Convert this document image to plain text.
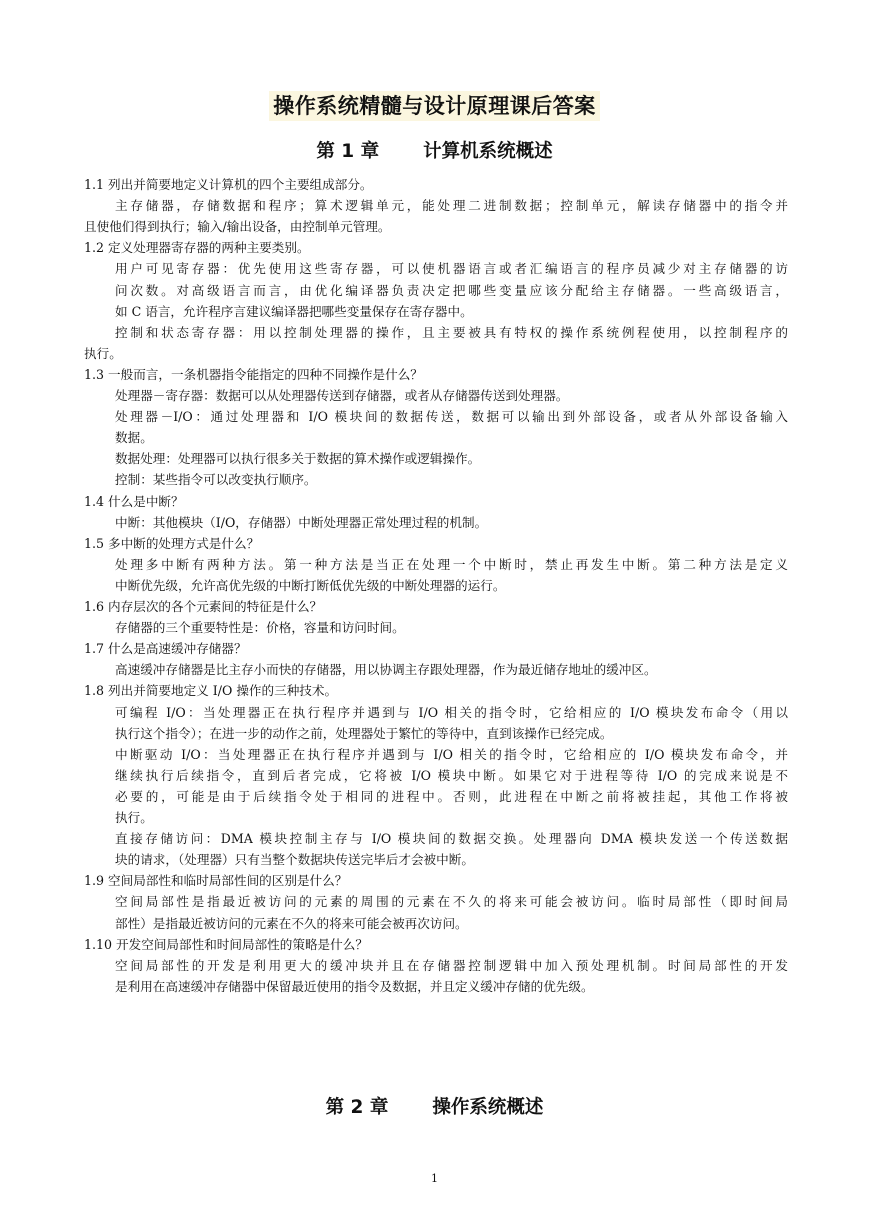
操作系统精髓与设计原理课后答案
第 1 章 计算机系统概述
1.1 列出并简要地定义计算机的四个主要组成部分。
主存储器，存储数据和程序；算术逻辑单元，能处理二进制数据；控制单元，解读存储器中的指令并
且使他们得到执行；输入/输出设备，由控制单元管理。
1.2 定义处理器寄存器的两种主要类别。
用户可见寄存器：优先使用这些寄存器，可以使机器语言或者汇编语言的程序员减少对主存储器的访
问次数。对高级语言而言，由优化编译器负责决定把哪些变量应该分配给主存储器。一些高级语言，
如 C 语言，允许程序言建议编译器把哪些变量保存在寄存器中。
控制和状态寄存器：用以控制处理器的操作，且主要被具有特权的操作系统例程使用，以控制程序的
执行。
1.3 一般而言，一条机器指令能指定的四种不同操作是什么？
处理器－寄存器：数据可以从处理器传送到存储器，或者从存储器传送到处理器。
处理器－I/O：通过处理器和 I/O 模块间的数据传送，数据可以输出到外部设备，或者从外部设备输入
数据。
数据处理：处理器可以执行很多关于数据的算术操作或逻辑操作。
控制：某些指令可以改变执行顺序。
1.4 什么是中断？
中断：其他模块（I/O，存储器）中断处理器正常处理过程的机制。
1.5 多中断的处理方式是什么？
处理多中断有两种方法。第一种方法是当正在处理一个中断时，禁止再发生中断。第二种方法是定义
中断优先级，允许高优先级的中断打断低优先级的中断处理器的运行。
1.6 内存层次的各个元素间的特征是什么？
存储器的三个重要特性是：价格，容量和访问时间。
1.7 什么是高速缓冲存储器？
高速缓冲存储器是比主存小而快的存储器，用以协调主存跟处理器，作为最近储存地址的缓冲区。
1.8 列出并简要地定义 I/O 操作的三种技术。
可编程 I/O：当处理器正在执行程序并遇到与 I/O 相关的指令时，它给相应的 I/O 模块发布命令（用以
执行这个指令）；在进一步的动作之前，处理器处于繁忙的等待中，直到该操作已经完成。
中断驱动 I/O：当处理器正在执行程序并遇到与 I/O 相关的指令时，它给相应的 I/O 模块发布命令，并
继续执行后续指令，直到后者完成，它将被 I/O 模块中断。如果它对于进程等待 I/O 的完成来说是不
必要的，可能是由于后续指令处于相同的进程中。否则，此进程在中断之前将被挂起，其他工作将被
执行。
直接存储访问：DMA 模块控制主存与 I/O 模块间的数据交换。处理器向 DMA 模块发送一个传送数据
块的请求，（处理器）只有当整个数据块传送完毕后才会被中断。
1.9 空间局部性和临时局部性间的区别是什么？
空间局部性是指最近被访问的元素的周围的元素在不久的将来可能会被访问。临时局部性（即时间局
部性）是指最近被访问的元素在不久的将来可能会被再次访问。
1.10 开发空间局部性和时间局部性的策略是什么？
空间局部性的开发是利用更大的缓冲块并且在存储器控制逻辑中加入预处理机制。时间局部性的开发
是利用在高速缓冲存储器中保留最近使用的指令及数据，并且定义缓冲存储的优先级。
第 2 章 操作系统概述
1
